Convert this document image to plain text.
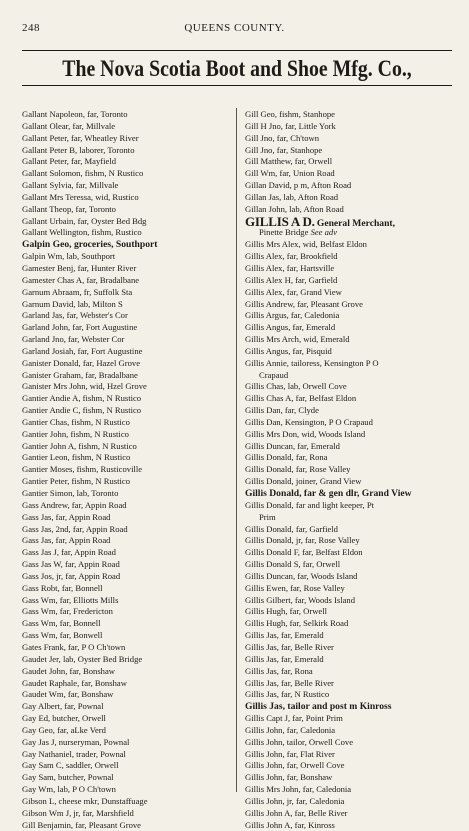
248	QUEENS COUNTY.
The Nova Scotia Boot and Shoe Mfg. Co.,
Gallant Napoleon, far, Toronto
Gallant Olear, far, Millvale
Gallant Peter, far, Wheatley River
Gallant Peter B, laborer, Toronto
Gallant Peter, far, Mayfield
Gallant Solomon, fishm, N Rustico
Gallant Sylvia, far, Millvale
Gallant Mrs Teressa, wid, Rustico
Gallant Theop, far, Toronto
Gallant Urbain, far, Oyster Bed Bdg
Gallant Wellington, fishm, Rustico
Galpin Geo, groceries, Southport
Galpin Wm, lab, Southport
Gamester Benj, far, Hunter River
Gamester Chas A, far, Bradalbane
Garnum Abraam, fr, Suffolk Sta
Garnum David, lab, Milton S
Garland Jas, far, Webster's Cor
Garland John, far, Fort Augustine
Garland Jno, far, Webster Cor
Garland Josiah, far, Fort Augustine
Ganister Donald, far, Hazel Grove
Ganister Graham, far, Bradalbane
Ganister Mrs John, wid, Hzel Grove
Gantier Andie A, fishm, N Rustico
Gantier Andie C, fishm, N Rustico
Gantier Chas, fishm, N Rustico
Gantier John, fishm, N Rustico
Gantier John A, fishm, N Rustico
Gantier Leon, fishm, N Rustico
Gantier Moses, fishm, Rusticoville
Gantier Peter, fishm, N Rustico
Gantier Simon, lab, Toronto
Gass Andrew, far, Appin Road
Gass Jas, far, Appin Road
Gass Jas, 2nd, far, Appin Road
Gass Jas, far, Appin Road
Gass Jas J, far, Appin Road
Gass Jas W, far, Appin Road
Gass Jos, jr, far, Appin Road
Gass Robt, far, Bonnell
Gass Wm, far, Elliotts Mills
Gass Wm, far, Fredericton
Gass Wm, far, Bonnell
Gass Wm, far, Bonwell
Gates Frank, far, P O Ch'town
Gaudet Jer, lab, Oyster Bed Bridge
Gaudet John, far, Bonshaw
Gaudet Raphale, far, Bonshaw
Gaudet Wm, far, Bonshaw
Gay Albert, far, Pownal
Gay Ed, butcher, Orwell
Gay Geo, far, aLke Verd
Gay Jas J, nurseryman, Pownal
Gay Nathaniel, trader, Pownal
Gay Sam C, saddler, Orwell
Gay Sam, butcher, Pownal
Gay Wm, lab, P O Ch'town
Gibson L, cheese mkr, Dunstaffuage
Gibson Wm J, jr, far, Marshfield
Gill Benjamin, far, Pleasant Grove
Gill Geo, fishm, Stanhope
Gill H Jno, far, Little York
Gill Jno, far, Ch'town
Gill Jno, far, Stanhope
Gill Matthew, far, Orwell
Gill Wm, far, Union Road
Gillan David, p m, Afton Road
Gillan Jas, lab, Afton Road
Gillan John, lab, Afton Road
GILLIS A D. General Merchant,
Pinette Bridge See adv
Gillis Mrs Alex, wid, Belfast Eldon
Gillis Alex, far, Brookfield
Gillis Alex, far, Hartsville
Gillis Alex H, far, Garfield
Gillis Alex, far, Grand View
Gillis Andrew, far, Pleasant Grove
Gillis Argus, far, Caledonia
Gillis Angus, far, Emerald
Gillis Mrs Arch, wid, Emerald
Gillis Angus, far, Pisquid
Gillis Annie, tailoress, Kensington P O
Crapaud
Gillis Chas, lab, Orwell Cove
Gillis Chas A, far, Belfast Eldon
Gillis Dan, far, Clyde
Gillis Dan, Kensington, P O Crapaud
Gillis Mrs Don, wid, Woods Island
Gillis Duncan, far, Emerald
Gillis Donald, far, Rona
Gillis Donald, far, Rose Valley
Gillis Donald, joiner, Grand View
Gillis Donald, far & gen dlr, Grand View
Gillis Donald, far and light keeper, Pt
Prim
Gillis Donald, far, Garfield
Gillis Donald, jr, far, Rose Valley
Gillis Donald F, far, Belfast Eldon
Gillis Donald S, far, Orwell
Gillis Duncan, far, Woods Island
Gillis Ewen, far, Rose Valley
Gillis Gilbert, far, Woods Island
Gillis Hugh, far, Orwell
Gillis Hugh, far, Selkirk Road
Gillis Jas, far, Emerald
Gillis Jas, far, Belle River
Gillis Jas, far, Emerald
Gillis Jas, far, Rona
Gillis Jas, far, Belle River
Gillis Jas, far, N Rustico
Gillis Jas, tailor and post m Kinross
Gillis Capt J, far, Point Prim
Gillis John, far, Caledonia
Gillis John, tailor, Orwell Cove
Gillis John, far, Flat River
Gillis John, far, Orwell Cove
Gillis John, far, Bonshaw
Gillis Mrs John, far, Caledonia
Gillis John, jr, far, Caledonia
Gillis John A, far, Belle River
Gillis John A, far, Kinross
